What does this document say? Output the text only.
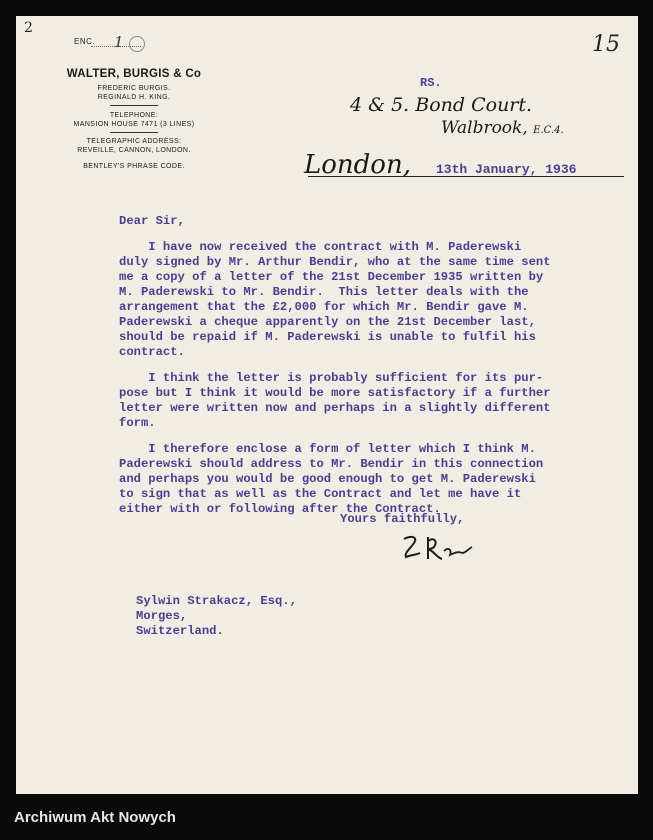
2
15
ENC. 1
WALTER, BURGIS & Co
FREDERIC BURGIS.
REGINALD H. KING.
TELEPHONE:
MANSION HOUSE 7471 (3 LINES)
TELEGRAPHIC ADDRESS:
REVEILLE, CANNON, LONDON.
BENTLEY'S PHRASE CODE.
RS.
4 & 5. Bond Court.
Walbrook, E.C.4.
London, 13th January, 1936

Dear Sir,

I have now received the contract with M. Paderewski
duly signed by Mr. Arthur Bendir, who at the same time sent
me a copy of a letter of the 21st December 1935 written by
M. Paderewski to Mr. Bendir.  This letter deals with the
arrangement that the £2,000 for which Mr. Bendir gave M.
Paderewski a cheque apparently on the 21st December last,
should be repaid if M. Paderewski is unable to fulfil his
contract.

I think the letter is probably sufficient for its pur-
pose but I think it would be more satisfactory if a further
letter were written now and perhaps in a slightly different
form.

I therefore enclose a form of letter which I think M.
Paderewski should address to Mr. Bendir in this connection
and perhaps you would be good enough to get M. Paderewski
to sign that as well as the Contract and let me have it
either with or following after the Contract.

Yours faithfully,
Sylwin Strakacz, Esq.,
Morges,
Switzerland.
Archiwum Akt Nowych
